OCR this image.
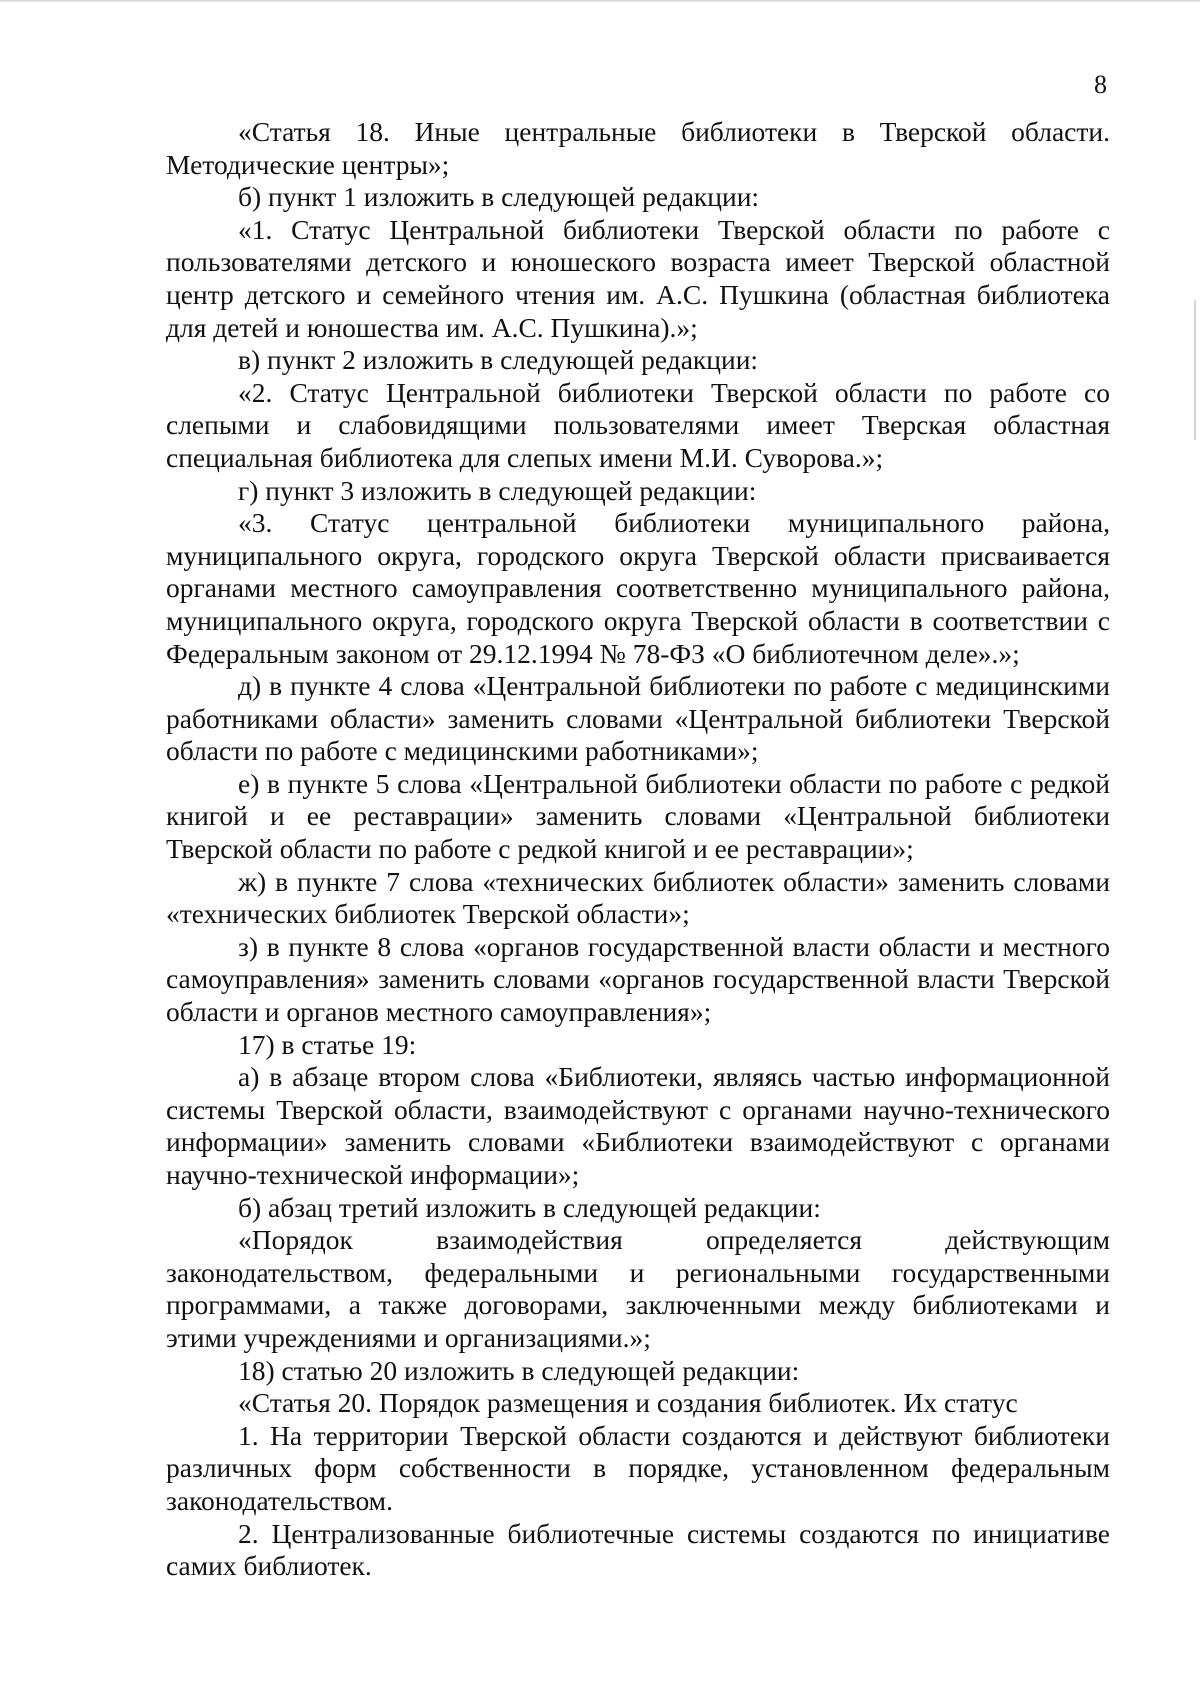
8

«Статья 18. Иные центральные библиотеки в Тверской области. Методические центры»;

б) пункт 1 изложить в следующей редакции:

«1. Статус Центральной библиотеки Тверской области по работе с пользователями детского и юношеского возраста имеет Тверской областной центр детского и семейного чтения им. А.С. Пушкина (областная библиотека для детей и юношества им. А.С. Пушкина).»;

в) пункт 2 изложить в следующей редакции:

«2. Статус Центральной библиотеки Тверской области по работе со слепыми и слабовидящими пользователями имеет Тверская областная специальная библиотека для слепых имени М.И. Суворова.»;

г) пункт 3 изложить в следующей редакции:

«3. Статус центральной библиотеки муниципального района, муниципального округа, городского округа Тверской области присваивается органами местного самоуправления соответственно муниципального района, муниципального округа, городского округа Тверской области в соответствии с Федеральным законом от 29.12.1994 № 78-ФЗ «О библиотечном деле».»;

д) в пункте 4 слова «Центральной библиотеки по работе с медицинскими работниками области» заменить словами «Центральной библиотеки Тверской области по работе с медицинскими работниками»;

е) в пункте 5 слова «Центральной библиотеки области по работе с редкой книгой и ее реставрации» заменить словами «Центральной библиотеки Тверской области по работе с редкой книгой и ее реставрации»;

ж) в пункте 7 слова «технических библиотек области» заменить словами «технических библиотек Тверской области»;

з) в пункте 8 слова «органов государственной власти области и местного самоуправления» заменить словами «органов государственной власти Тверской области и органов местного самоуправления»;

17) в статье 19:

а) в абзаце втором слова «Библиотеки, являясь частью информационной системы Тверской области, взаимодействуют с органами научно-технического информации» заменить словами «Библиотеки взаимодействуют с органами научно-технической информации»;

б) абзац третий изложить в следующей редакции:

«Порядок взаимодействия определяется действующим законодательством, федеральными и региональными государственными программами, а также договорами, заключенными между библиотеками и этими учреждениями и организациями.»;

18) статью 20 изложить в следующей редакции:

«Статья 20. Порядок размещения и создания библиотек. Их статус

1. На территории Тверской области создаются и действуют библиотеки различных форм собственности в порядке, установленном федеральным законодательством.

2. Централизованные библиотечные системы создаются по инициативе самих библиотек.
